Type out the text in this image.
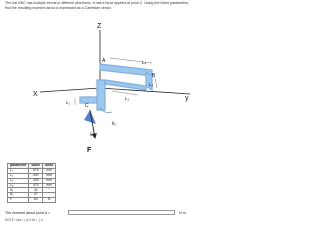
The bar ABC has multiple bends in different directions. It has a force applied at point C. Using the listed parameters, find the resulting moment about A expressed as a Cartesian vector.
Z
X
y
A
B
C
L₄
L₃
L₂
L₁
θ₁
θ₂
F
parameter	value	units
L₁	575	mm
L₂	400	mm
L₃	325	mm
L₄	475	mm
θ₁	32	°
θ₂	47	°
F	60	N
The moment about point A =	N·m
NOTE: Use i, j & k for i, j, k
